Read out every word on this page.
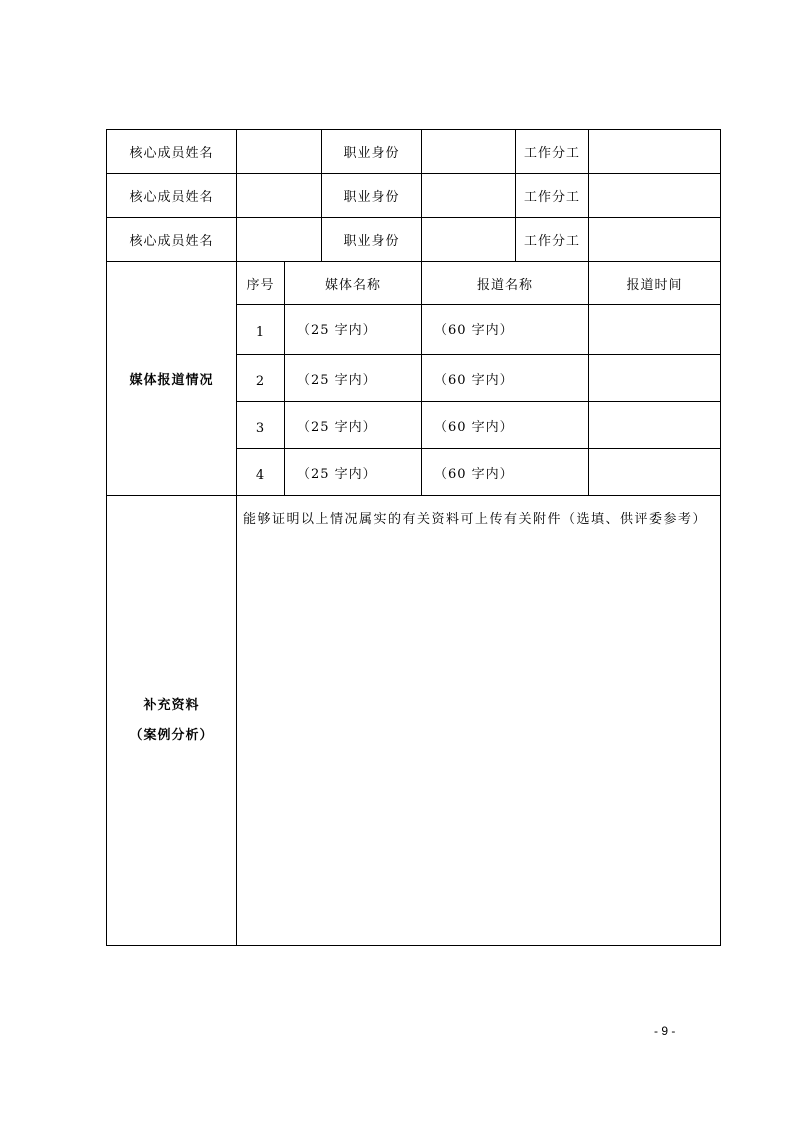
核心成员姓名			职业身份		工作分工	
核心成员姓名			职业身份		工作分工	
核心成员姓名			职业身份		工作分工	
媒体报道情况	序号	媒体名称		报道名称		报道时间
	1	（25 字内）		（60 字内）		
	2	（25 字内）		（60 字内）		
	3	（25 字内）		（60 字内）		
	4	（25 字内）		（60 字内）		

补充资料
（案例分析）	能够证明以上情况属实的有关资料可上传有关附件（选填、供评委参考）					
- 9 -
